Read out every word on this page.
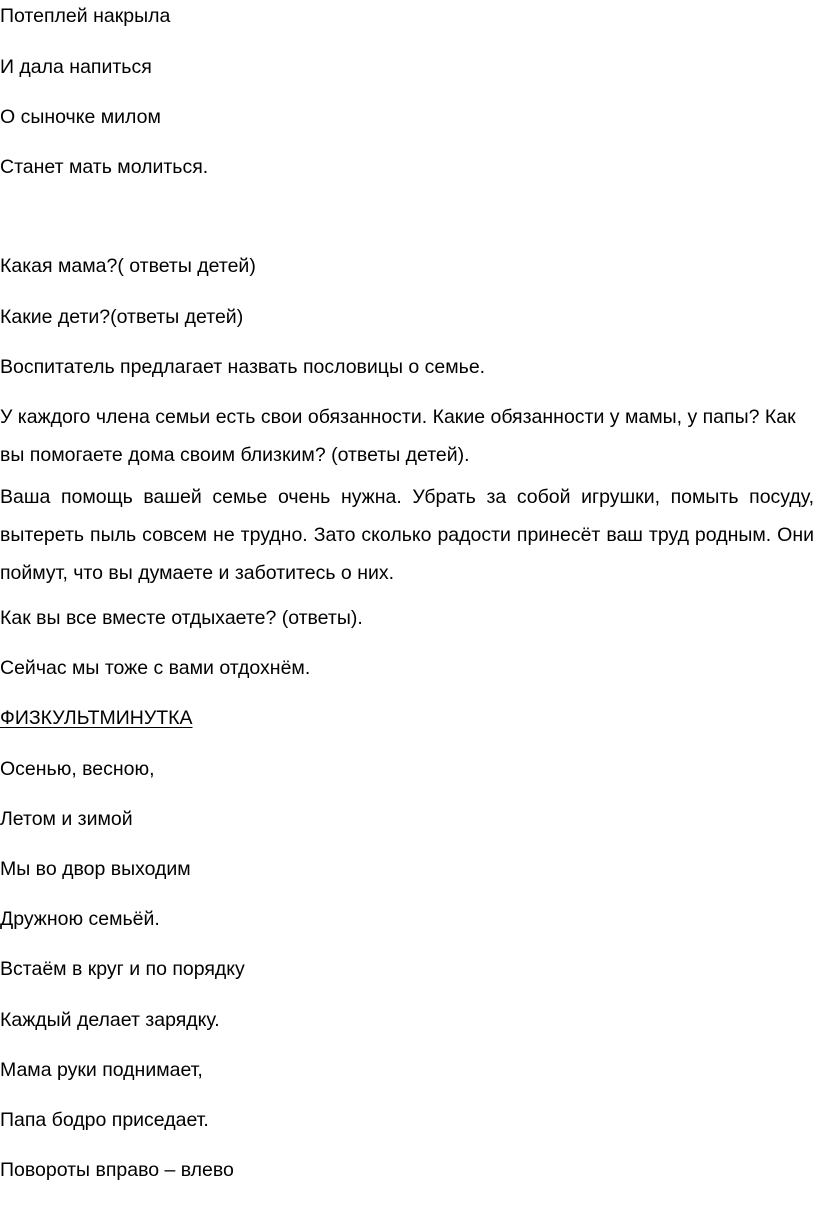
Потеплей накрыла

И дала напиться

О сыночке милом

Станет мать молиться.

Какая мама?( ответы детей)

Какие дети?(ответы детей)

Воспитатель предлагает назвать пословицы о семье.

У каждого члена семьи есть свои обязанности. Какие обязанности у мамы, у папы? Как вы помогаете дома своим близким? (ответы детей).

Ваша помощь вашей семье очень нужна. Убрать за собой игрушки, помыть посуду, вытереть пыль совсем не трудно. Зато сколько радости принесёт ваш труд родным. Они поймут, что вы думаете и заботитесь о них.

Как вы все вместе отдыхаете? (ответы).

Сейчас мы тоже с вами отдохнём.

ФИЗКУЛЬТМИНУТКА

Осенью, весною,

Летом и зимой

Мы во двор выходим

Дружною семьёй.

Встаём в круг и по порядку

Каждый делает зарядку.

Мама руки поднимает,

Папа бодро приседает.

Повороты вправо – влево
